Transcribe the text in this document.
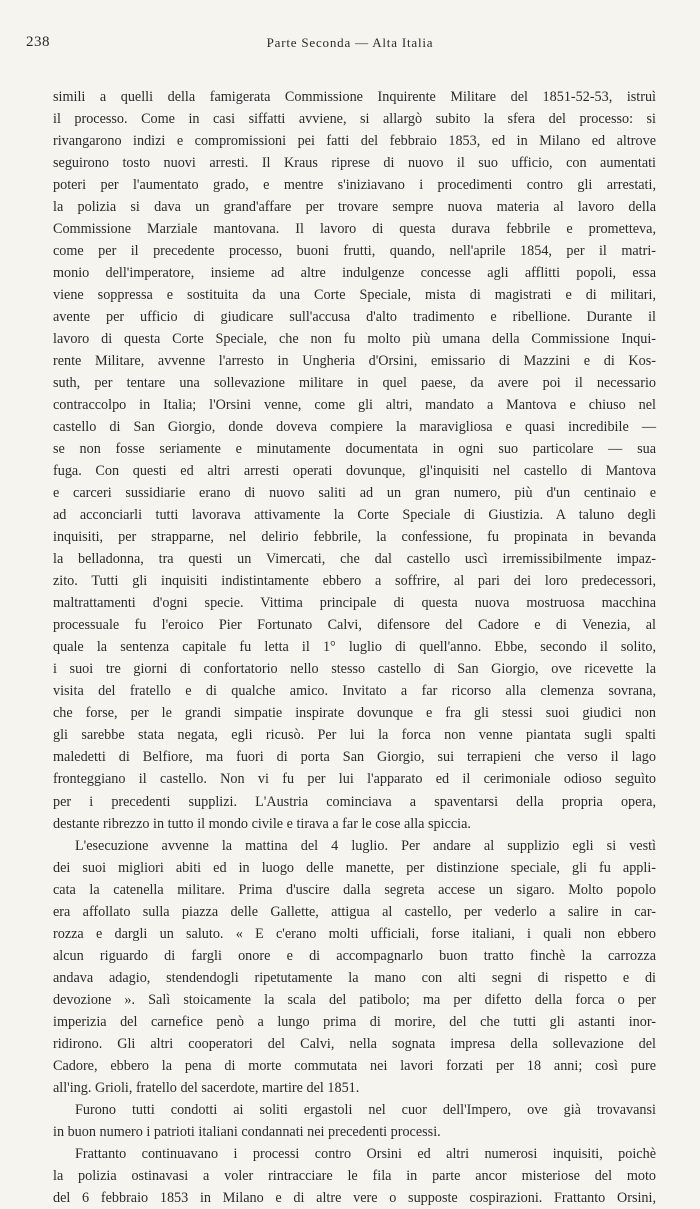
238	Parte Seconda — Alta Italia
simili a quelli della famigerata Commissione Inquirente Militare del 1851-52-53, istruì
il processo. Come in casi siffatti avviene, si allargò subito la sfera del processo: si
rivangarono indizi e compromissioni pei fatti del febbraio 1853, ed in Milano ed altrove
seguirono tosto nuovi arresti. Il Kraus riprese di nuovo il suo ufficio, con aumentati
poteri per l'aumentato grado, e mentre s'iniziavano i procedimenti contro gli arrestati,
la polizia si dava un grand'affare per trovare sempre nuova materia al lavoro della
Commissione Marziale mantovana. Il lavoro di questa durava febbrile e prometteva,
come per il precedente processo, buoni frutti, quando, nell'aprile 1854, per il matri-
monio dell'imperatore, insieme ad altre indulgenze concesse agli afflitti popoli, essa
viene soppressa e sostituita da una Corte Speciale, mista di magistrati e di militari,
avente per ufficio di giudicare sull'accusa d'alto tradimento e ribellione. Durante il
lavoro di questa Corte Speciale, che non fu molto più umana della Commissione Inqui-
rente Militare, avvenne l'arresto in Ungheria d'Orsini, emissario di Mazzini e di Kos-
suth, per tentare una sollevazione militare in quel paese, da avere poi il necessario
contraccolpo in Italia; l'Orsini venne, come gli altri, mandato a Mantova e chiuso nel
castello di San Giorgio, donde doveva compiere la maravigliosa e quasi incredibile —
se non fosse seriamente e minutamente documentata in ogni suo particolare — sua
fuga. Con questi ed altri arresti operati dovunque, gl'inquisiti nel castello di Mantova
e carceri sussidiarie erano di nuovo saliti ad un gran numero, più d'un centinaio e
ad acconciarli tutti lavorava attivamente la Corte Speciale di Giustizia. A taluno degli
inquisiti, per strapparne, nel delirio febbrile, la confessione, fu propinata in bevanda
la belladonna, tra questi un Vimercati, che dal castello uscì irremissibilmente impaz-
zito. Tutti gli inquisiti indistintamente ebbero a soffrire, al pari dei loro predecessori,
maltrattamenti d'ogni specie. Vittima principale di questa nuova mostruosa macchina
processuale fu l'eroico Pier Fortunato Calvi, difensore del Cadore e di Venezia, al
quale la sentenza capitale fu letta il 1° luglio di quell'anno. Ebbe, secondo il solito,
i suoi tre giorni di confortatorio nello stesso castello di San Giorgio, ove ricevette la
visita del fratello e di qualche amico. Invitato a far ricorso alla clemenza sovrana,
che forse, per le grandi simpatie inspirate dovunque e fra gli stessi suoi giudici non
gli sarebbe stata negata, egli ricusò. Per lui la forca non venne piantata sugli spalti
maledetti di Belfiore, ma fuori di porta San Giorgio, sui terrapieni che verso il lago
fronteggiano il castello. Non vi fu per lui l'apparato ed il cerimoniale odioso seguìto
per i precedenti supplizi. L'Austria cominciava a spaventarsi della propria opera,
destante ribrezzo in tutto il mondo civile e tirava a far le cose alla spiccia.
L'esecuzione avvenne la mattina del 4 luglio. Per andare al supplizio egli si vestì
dei suoi migliori abiti ed in luogo delle manette, per distinzione speciale, gli fu appli-
cata la catenella militare. Prima d'uscire dalla segreta accese un sigaro. Molto popolo
era affollato sulla piazza delle Gallette, attigua al castello, per vederlo a salire in car-
rozza e dargli un saluto. « E c'erano molti ufficiali, forse italiani, i quali non ebbero
alcun riguardo di fargli onore e di accompagnarlo buon tratto finchè la carrozza
andava adagio, stendendogli ripetutamente la mano con alti segni di rispetto e di
devozione ». Salì stoicamente la scala del patibolo; ma per difetto della forca o per
imperizia del carnefice penò a lungo prima di morire, del che tutti gli astanti inor-
ridirono. Gli altri cooperatori del Calvi, nella sognata impresa della sollevazione del
Cadore, ebbero la pena di morte commutata nei lavori forzati per 18 anni; così pure
all'ing. Grioli, fratello del sacerdote, martire del 1851.
Furono tutti condotti ai soliti ergastoli nel cuor dell'Impero, ove già trovavansi
in buon numero i patrioti italiani condannati nei precedenti processi.
Frattanto continuavano i processi contro Orsini ed altri numerosi inquisiti, poichè
la polizia ostinavasi a voler rintracciare le fila in parte ancor misteriose del moto
del 6 febbraio 1853 in Milano e di altre vere o supposte cospirazioni. Frattanto Orsini,
